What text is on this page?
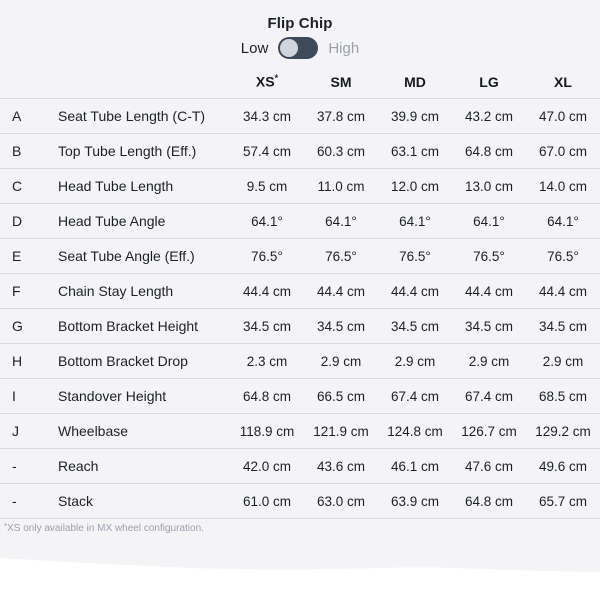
Flip Chip
Low	High
XS*	SM	MD	LG	XL
A	Seat Tube Length (C-T)	34.3 cm	37.8 cm	39.9 cm	43.2 cm	47.0 cm
B	Top Tube Length (Eff.)	57.4 cm	60.3 cm	63.1 cm	64.8 cm	67.0 cm
C	Head Tube Length	9.5 cm	11.0 cm	12.0 cm	13.0 cm	14.0 cm
D	Head Tube Angle	64.1°	64.1°	64.1°	64.1°	64.1°
E	Seat Tube Angle (Eff.)	76.5°	76.5°	76.5°	76.5°	76.5°
F	Chain Stay Length	44.4 cm	44.4 cm	44.4 cm	44.4 cm	44.4 cm
G	Bottom Bracket Height	34.5 cm	34.5 cm	34.5 cm	34.5 cm	34.5 cm
H	Bottom Bracket Drop	2.3 cm	2.9 cm	2.9 cm	2.9 cm	2.9 cm
I	Standover Height	64.8 cm	66.5 cm	67.4 cm	67.4 cm	68.5 cm
J	Wheelbase	118.9 cm	121.9 cm	124.8 cm	126.7 cm	129.2 cm
-	Reach	42.0 cm	43.6 cm	46.1 cm	47.6 cm	49.6 cm
-	Stack	61.0 cm	63.0 cm	63.9 cm	64.8 cm	65.7 cm
*XS only available in MX wheel configuration.
